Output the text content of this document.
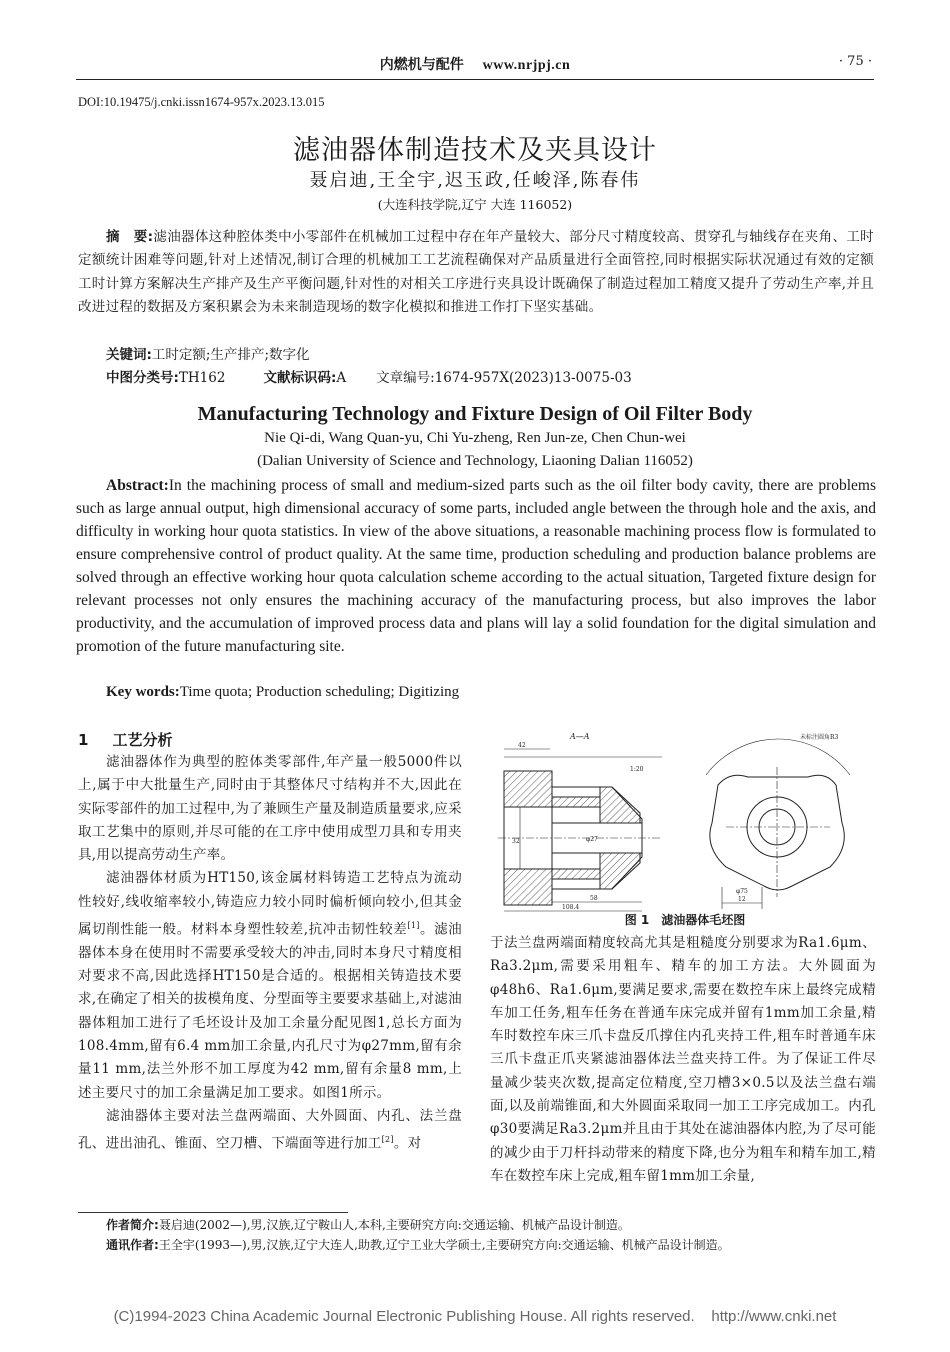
内燃机与配件 www.nrjpj.cn	· 75 ·
DOI:10.19475/j.cnki.issn1674-957x.2023.13.015
滤油器体制造技术及夹具设计
聂启迪,王全宇,迟玉政,任峻泽,陈春伟
(大连科技学院,辽宁 大连 116052)
摘　要:滤油器体这种腔体类中小零部件在机械加工过程中存在年产量较大、部分尺寸精度较高、贯穿孔与轴线存在夹角、工时定额统计困难等问题,针对上述情况,制订合理的机械加工工艺流程确保对产品质量进行全面管控,同时根据实际状况通过有效的定额工时计算方案解决生产排产及生产平衡问题,针对性的对相关工序进行夹具设计既确保了制造过程加工精度又提升了劳动生产率,并且改进过程的数据及方案积累会为未来制造现场的数字化模拟和推进工作打下坚实基础。
关键词:工时定额;生产排产;数字化
中图分类号:TH162	文献标识码:A 文章编号:1674-957X(2023)13-0075-03
Manufacturing Technology and Fixture Design of Oil Filter Body
Nie Qi-di, Wang Quan-yu, Chi Yu-zheng, Ren Jun-ze, Chen Chun-wei
(Dalian University of Science and Technology, Liaoning Dalian 116052)
Abstract:In the machining process of small and medium-sized parts such as the oil filter body cavity, there are problems such as large annual output, high dimensional accuracy of some parts, included angle between the through hole and the axis, and difficulty in working hour quota statistics. In view of the above situations, a reasonable machining process flow is formulated to ensure comprehensive control of product quality. At the same time, production scheduling and production balance problems are solved through an effective working hour quota calculation scheme according to the actual situation, Targeted fixture design for relevant processes not only ensures the machining accuracy of the manufacturing process, but also improves the labor productivity, and the accumulation of improved process data and plans will lay a solid foundation for the digital simulation and promotion of the future manufacturing site.
Key words:Time quota; Production scheduling; Digitizing
1 工艺分析

滤油器体作为典型的腔体类零部件,年产量一般5000件以上,属于中大批量生产,同时由于其整体尺寸结构并不大,因此在实际零部件的加工过程中,为了兼顾生产量及制造质量要求,应采取工艺集中的原则,并尽可能的在工序中使用成型刀具和专用夹具,用以提高劳动生产率。

滤油器体材质为HT150,该金属材料铸造工艺特点为流动性较好,线收缩率较小,铸造应力较小同时偏析倾向较小,但其金属切削性能一般。材料本身塑性较差,抗冲击韧性较差[1]。滤油器体本身在使用时不需要承受较大的冲击,同时本身尺寸精度相对要求不高,因此选择HT150是合适的。根据相关铸造技术要求,在确定了相关的拔模角度、分型面等主要要求基础上,对滤油器体粗加工进行了毛坯设计及加工余量分配见图1,总长方面为108.4mm,留有6.4 mm加工余量,内孔尺寸为φ27mm,留有余量11 mm,法兰外形不加工厚度为42 mm,留有余量8 mm,上述主要尺寸的加工余量满足加工要求。如图1所示。

滤油器体主要对法兰盘两端面、大外圆面、内孔、法兰盘孔、进出油孔、锥面、空刀槽、下端面等进行加工[2]。对

A—A
42
1:20
32	φ27
58
108.4
未标注圆角R3
12
φ75
图 1　滤油器体毛坯图

于法兰盘两端面精度较高尤其是粗糙度分别要求为Ra1.6μm、Ra3.2μm,需要采用粗车、精车的加工方法。大外圆面为φ48h6、Ra1.6μm,要满足要求,需要在数控车床上最终完成精车加工任务,粗车任务在普通车床完成并留有1mm加工余量,精车时数控车床三爪卡盘反爪撑住内孔夹持工件,粗车时普通车床三爪卡盘正爪夹紧滤油器体法兰盘夹持工件。为了保证工件尽量减少装夹次数,提高定位精度,空刀槽3×0.5以及法兰盘右端面,以及前端锥面,和大外圆面采取同一加工工序完成加工。内孔φ30要满足Ra3.2μm并且由于其处在滤油器体内腔,为了尽可能的减少由于刀杆抖动带来的精度下降,也分为粗车和精车加工,精车在数控车床上完成,粗车留1mm加工余量,

作者简介:聂启迪(2002—),男,汉族,辽宁鞍山人,本科,主要研究方向:交通运输、机械产品设计制造。
通讯作者:王全宇(1993—),男,汉族,辽宁大连人,助教,辽宁工业大学硕士,主要研究方向:交通运输、机械产品设计制造。
(C)1994-2023 China Academic Journal Electronic Publishing House. All rights reserved.    http://www.cnki.net
